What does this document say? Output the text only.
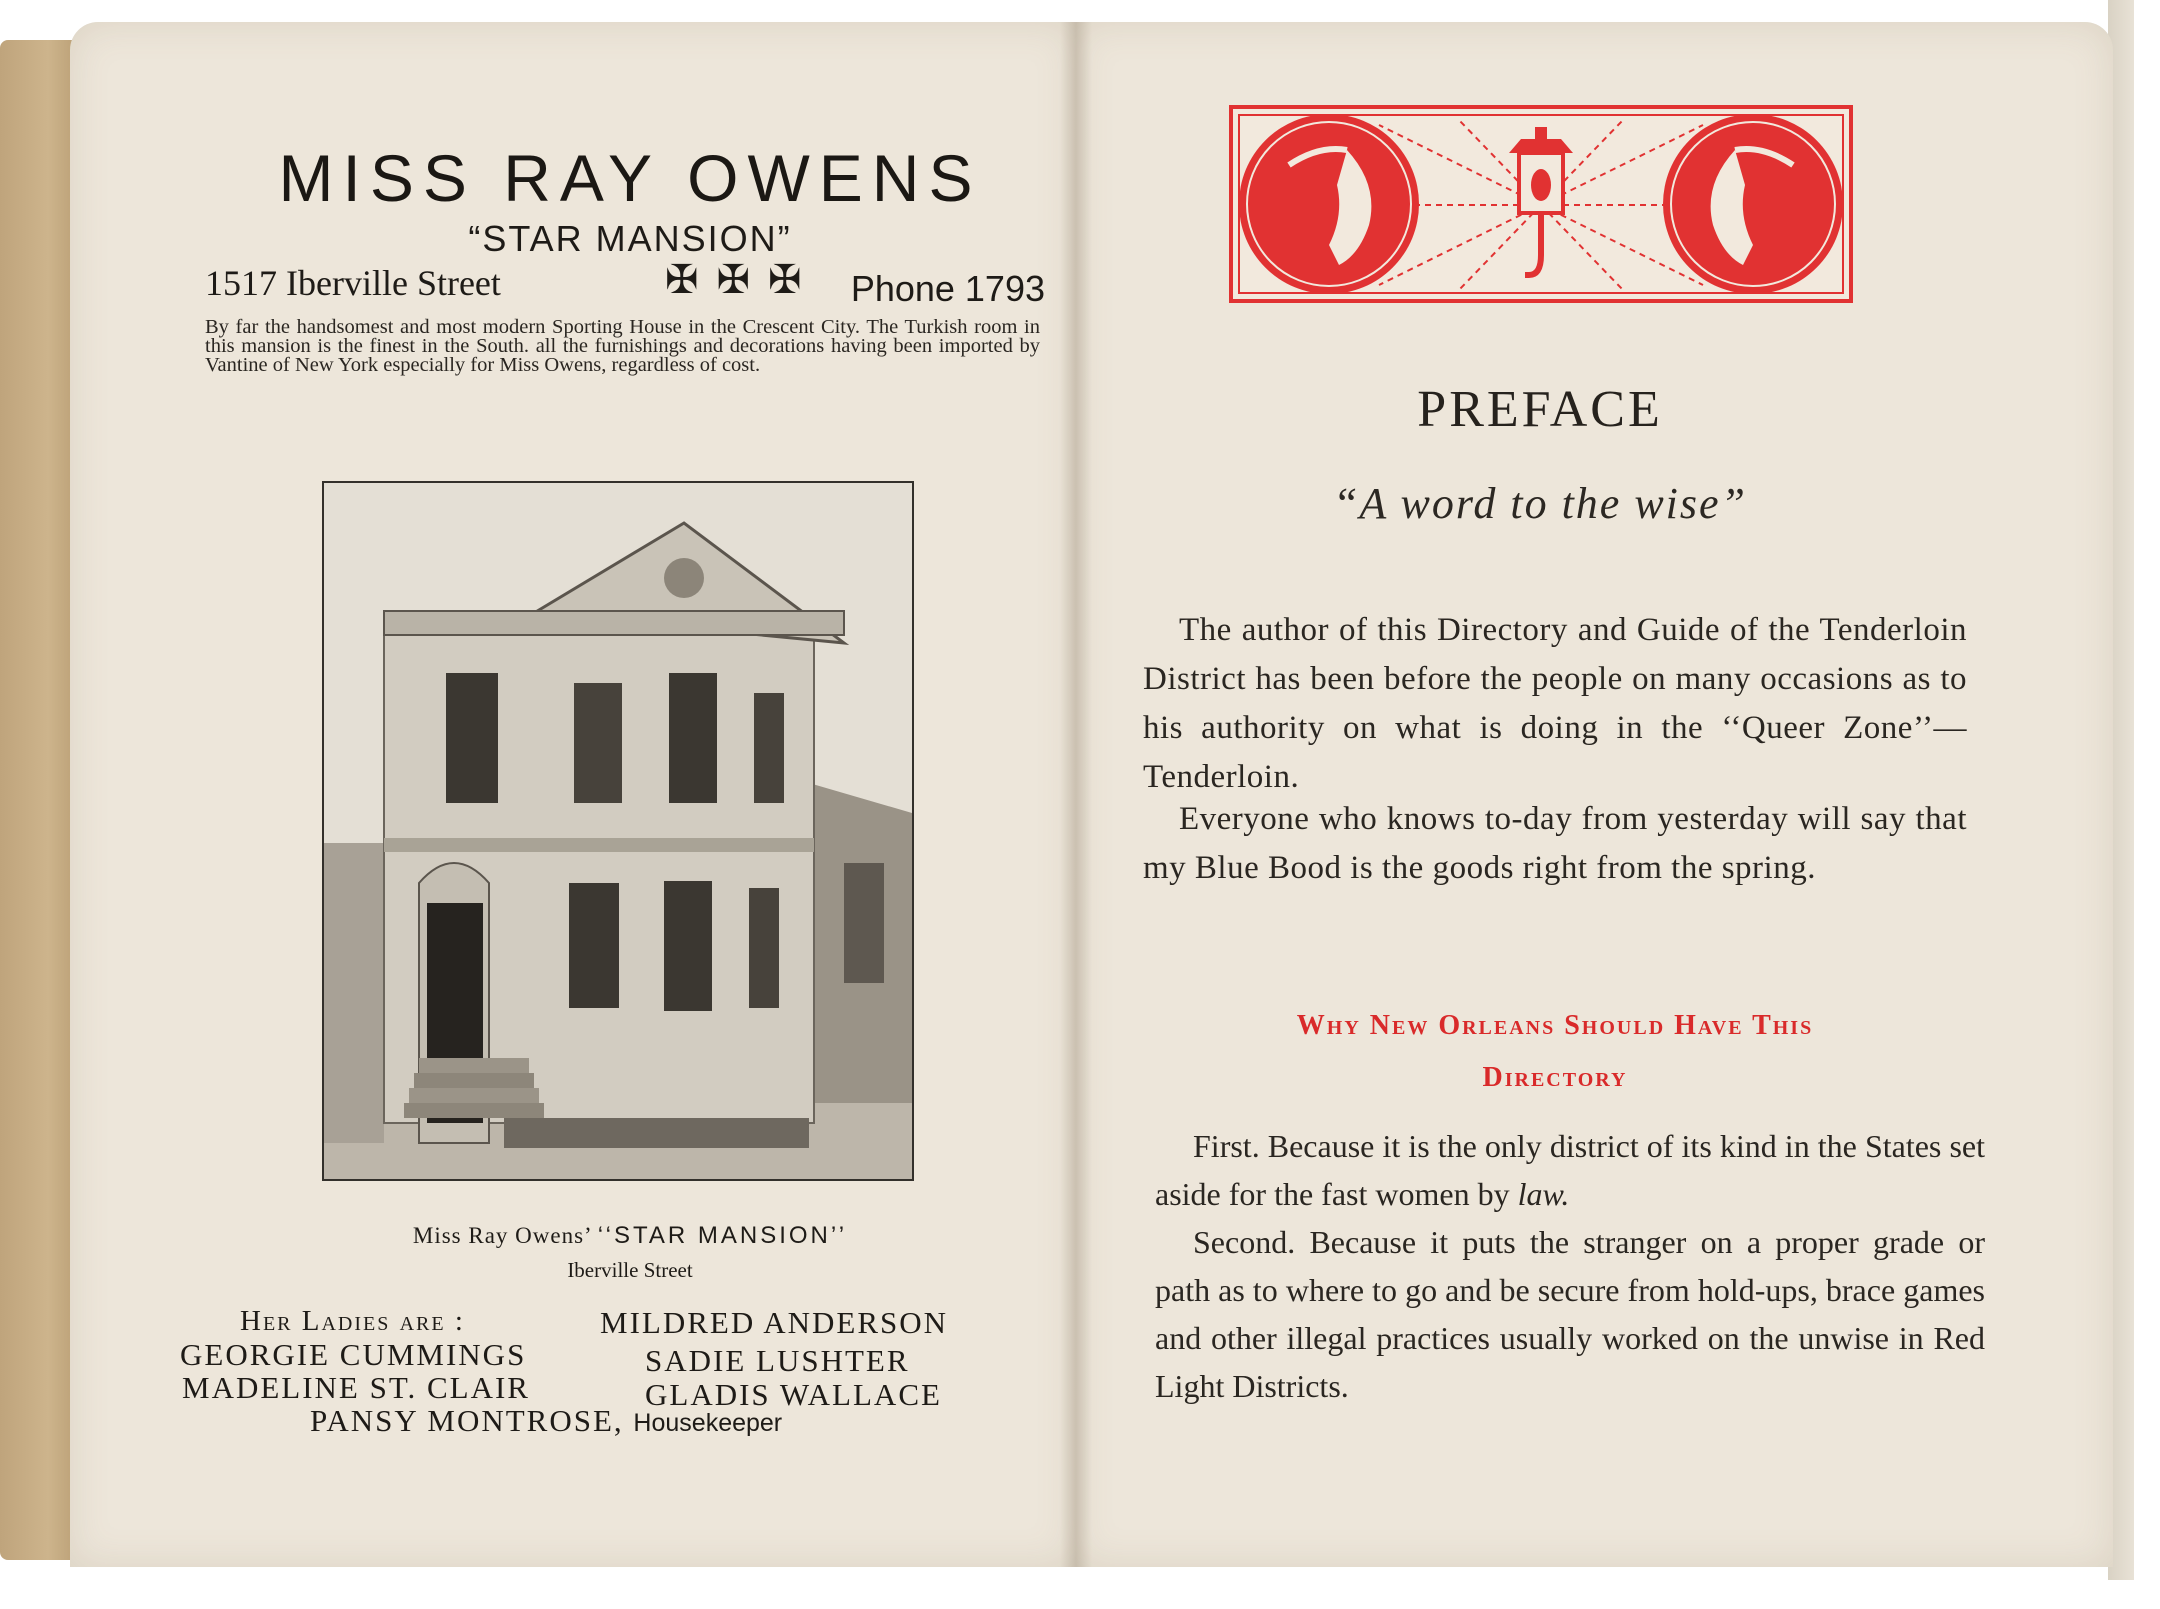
MISS RAY OWENS
“STAR MANSION”
1517 Iberville Street	✠ ✠ ✠ Phone 1793
By far the handsomest and most modern Sporting House in the Crescent City. The Turkish room in this mansion is the finest in the South. all the furnishings and decorations having been imported by Vantine of New York especially for Miss Owens, regardless of cost.
Miss Ray Owens’ ‘‘STAR MANSION’’
Iberville Street
Her Ladies are :	MILDRED ANDERSON
GEORGIE CUMMINGS	SADIE LUSHTER
MADELINE ST. CLAIR	GLADIS WALLACE
PANSY MONTROSE, Housekeeper
PREFACE
“A word to the wise”

The author of this Directory and Guide of the Tenderloin District has been before the people on many occasions as to his authority on what is doing in the ‘‘Queer Zone’’—Tenderloin.

Everyone who knows to-day from yesterday will say that my Blue Bood is the goods right from the spring.

Why New Orleans Should Have This
Directory

First. Because it is the only district of its kind in the States set aside for the fast women by law.

Second. Because it puts the stranger on a proper grade or path as to where to go and be secure from hold-ups, brace games and other illegal practices usually worked on the unwise in Red Light Districts.
